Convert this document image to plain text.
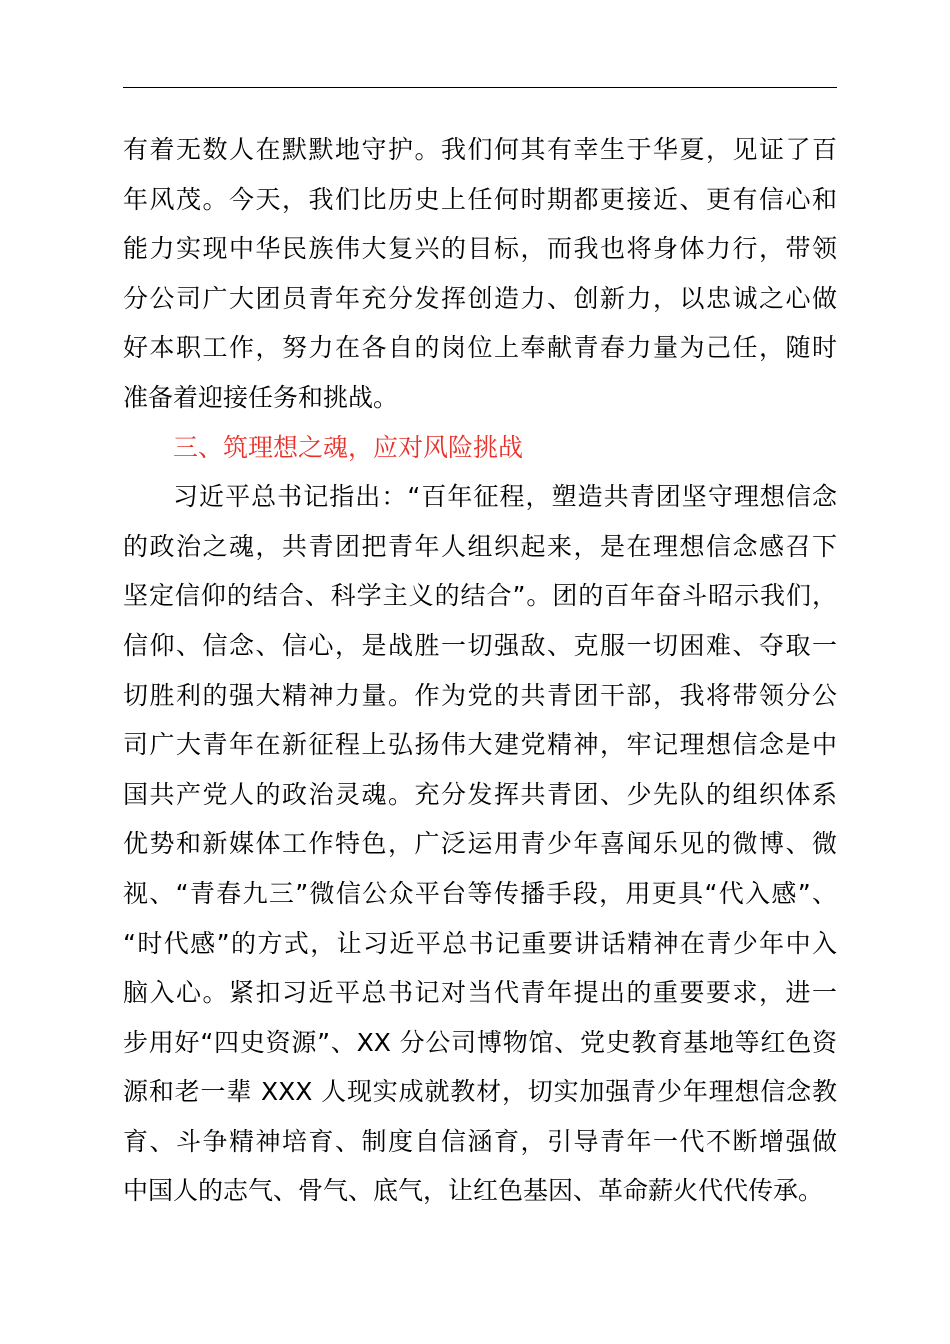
有着无数人在默默地守护。我们何其有幸生于华夏，见证了百
年风茂。今天，我们比历史上任何时期都更接近、更有信心和
能力实现中华民族伟大复兴的目标，而我也将身体力行，带领
分公司广大团员青年充分发挥创造力、创新力，以忠诚之心做
好本职工作，努力在各自的岗位上奉献青春力量为己任，随时
准备着迎接任务和挑战。
三、筑理想之魂，应对风险挑战
习近平总书记指出：“百年征程，塑造共青团坚守理想信念
的政治之魂，共青团把青年人组织起来，是在理想信念感召下
坚定信仰的结合、科学主义的结合”。团的百年奋斗昭示我们，
信仰、信念、信心，是战胜一切强敌、克服一切困难、夺取一
切胜利的强大精神力量。作为党的共青团干部，我将带领分公
司广大青年在新征程上弘扬伟大建党精神，牢记理想信念是中
国共产党人的政治灵魂。充分发挥共青团、少先队的组织体系
优势和新媒体工作特色，广泛运用青少年喜闻乐见的微博、微
视、“青春九三”微信公众平台等传播手段，用更具“代入感”、
“时代感”的方式，让习近平总书记重要讲话精神在青少年中入
脑入心。紧扣习近平总书记对当代青年提出的重要要求，进一
步用好“四史资源”、XX 分公司博物馆、党史教育基地等红色资
源和老一辈 XXX 人现实成就教材，切实加强青少年理想信念教
育、斗争精神培育、制度自信涵育，引导青年一代不断增强做
中国人的志气、骨气、底气，让红色基因、革命薪火代代传承。
